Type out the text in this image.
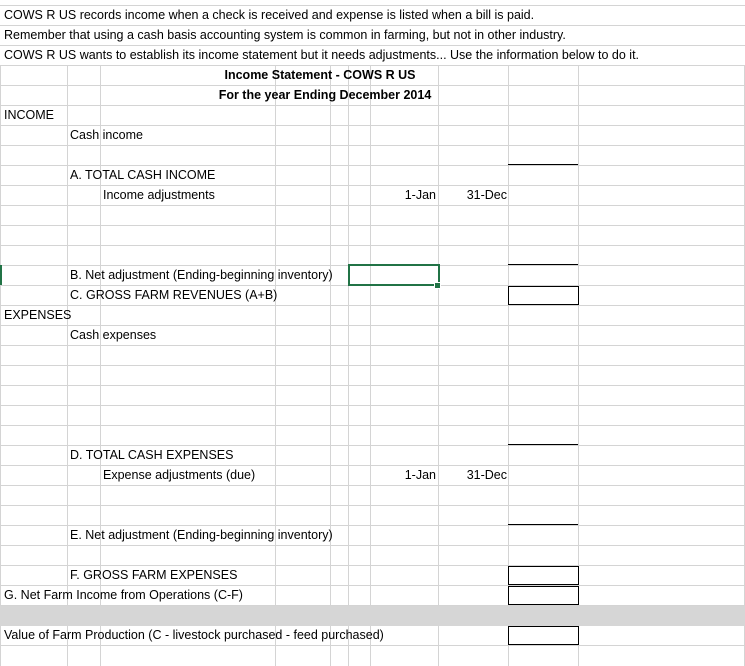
COWS R US records income when a check is received and expense is listed when a bill is paid.
Remember that using a cash basis accounting system is common in farming, but not in other industry.
COWS R US wants to establish its income statement but it needs adjustments... Use the information below to do it.
Income Statement - COWS R US
For the year Ending December 2014
INCOME
Cash income
A. TOTAL CASH INCOME
Income adjustments	1-Jan	31-Dec
B. Net adjustment (Ending-beginning inventory)
C. GROSS FARM REVENUES (A+B)
EXPENSES
Cash expenses
D. TOTAL CASH EXPENSES
Expense adjustments (due)	1-Jan	31-Dec
E. Net adjustment (Ending-beginning inventory)
F. GROSS FARM EXPENSES
G. Net Farm Income from Operations (C-F)
Value of Farm Production (C - livestock purchased - feed purchased)
